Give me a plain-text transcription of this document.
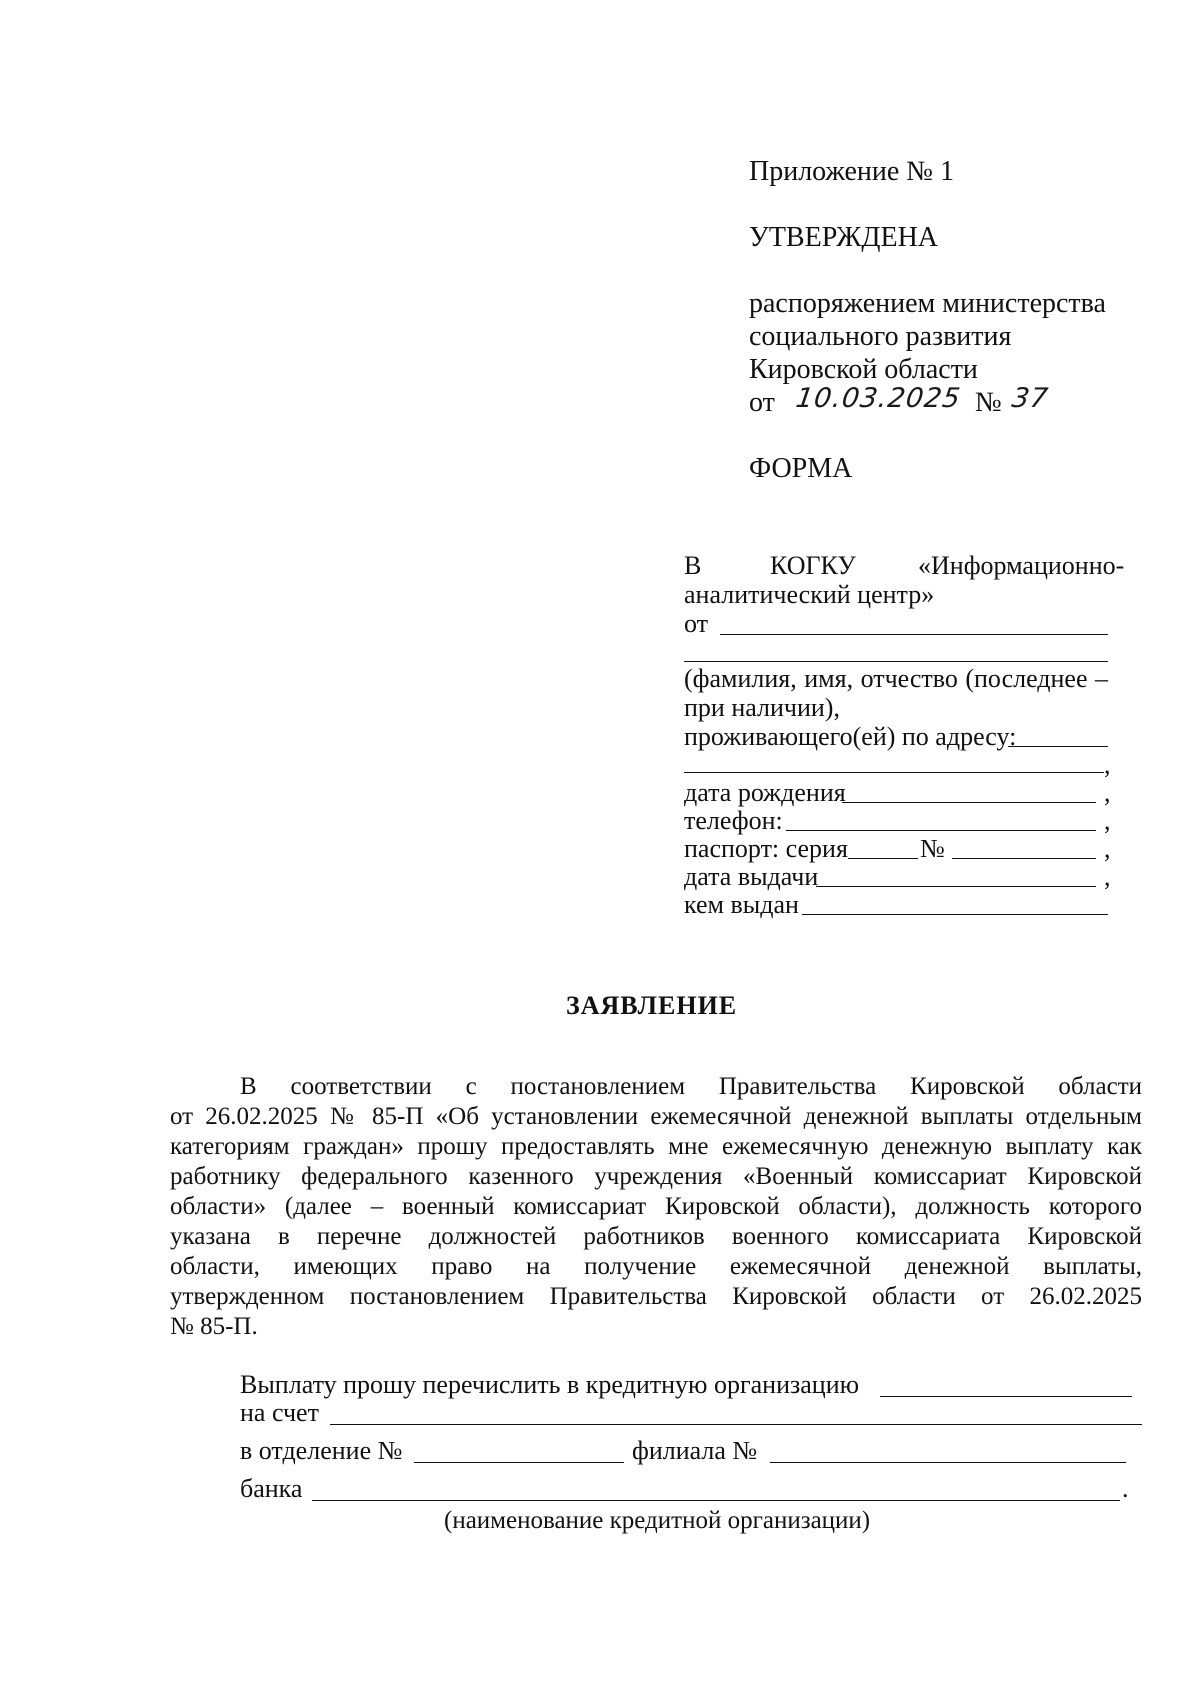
Приложение № 1
УТВЕРЖДЕНА
распоряжением министерства
социального развития
Кировской области
от 10.03.2025 № 37
ФОРМА
В	КОГКУ «Информационно-
аналитический центр»
от
(фамилия, имя, отчество (последнее –
при наличии),
проживающего(ей) по адресу:
,
дата рождения	,
телефон:	,
паспорт: серия	№	,
дата выдачи	,
кем выдан
ЗАЯВЛЕНИЕ
В соответствии с постановлением Правительства Кировской области
от 26.02.2025 № 85-П «Об установлении ежемесячной денежной выплаты отдельным
категориям граждан» прошу предоставлять мне ежемесячную денежную выплату как
работнику федерального казенного учреждения «Военный комиссариат Кировской
области» (далее – военный комиссариат Кировской области), должность которого
указана в перечне должностей работников военного комиссариата Кировской
области, имеющих право на получение ежемесячной денежной выплаты,
утвержденном постановлением Правительства Кировской области от 26.02.2025
№ 85-П.
Выплату прошу перечислить в кредитную организацию
на счет
в отделение №	филиала №
банка	.
(наименование кредитной организации)
